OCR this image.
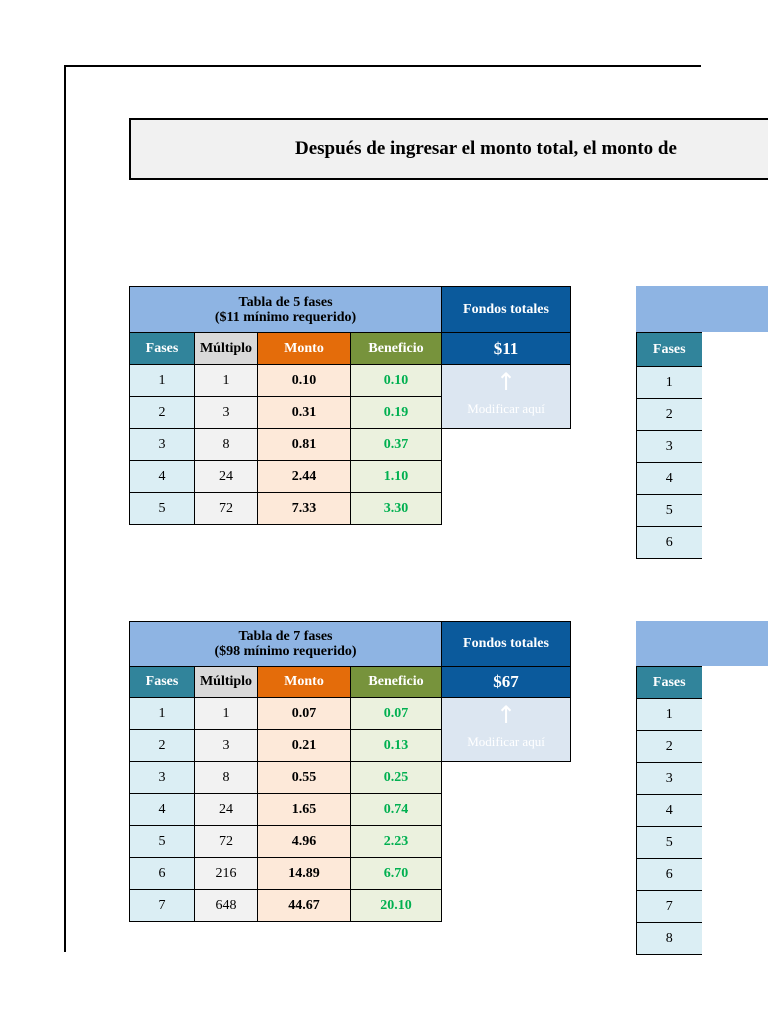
Después de ingresar el monto total, el monto de
Tabla de 5 fases
($11 mínimo requerido)			

Fases	Múltiplo	Monto	Beneficio
1	1	0.10	0.10
2	3	0.31	0.19
3	8	0.81	0.37
4	24	2.44	1.10
5	72	7.33	3.30
Fondos totales
$11

↑
Modificar aquí
Tabla de 7 fases
($98 mínimo requerido)			

Fases	Múltiplo	Monto	Beneficio
1	1	0.07	0.07
2	3	0.21	0.13
3	8	0.55	0.25
4	24	1.65	0.74
5	72	4.96	2.23
6	216	14.89	6.70
7	648	44.67	20.10
Fondos totales
$67

↑
Modificar aquí
Fases
1
2
3
4
5
6
Fases
1
2
3
4
5
6
7
8
